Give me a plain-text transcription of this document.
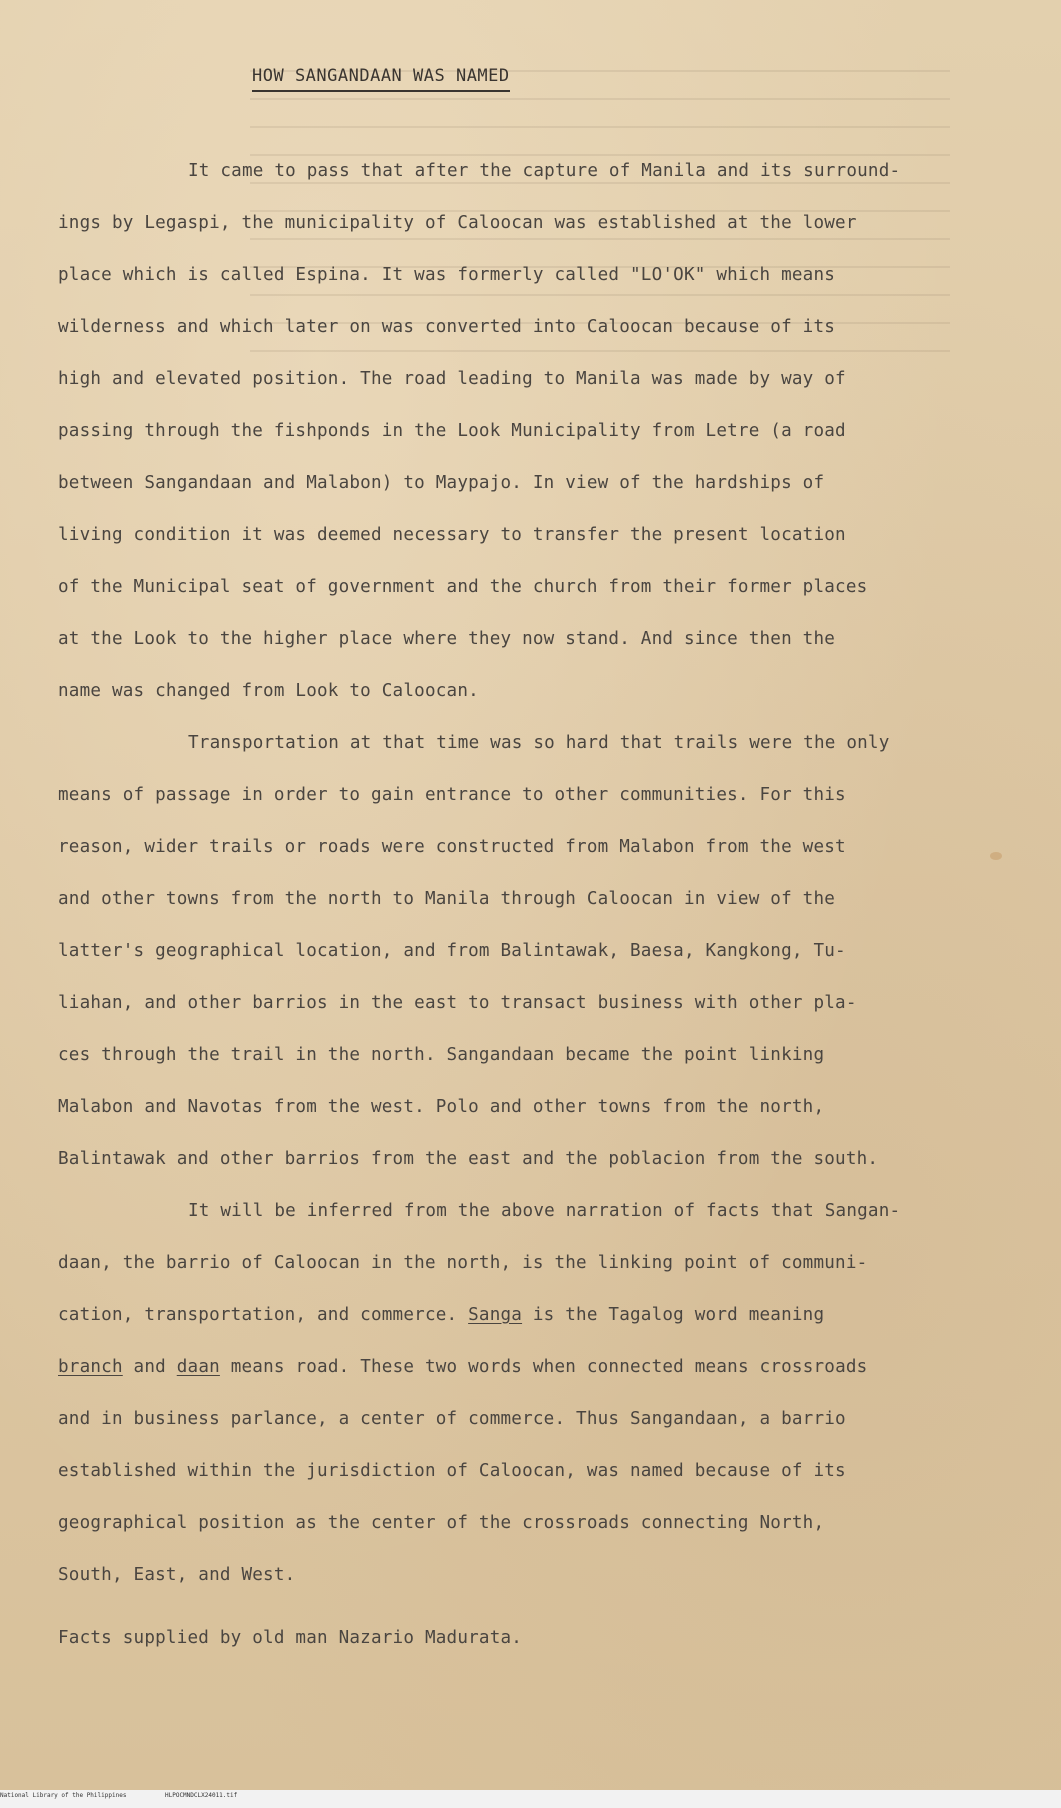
HOW SANGANDAAN WAS NAMED
It came to pass that after the capture of Manila and its surround-
ings by Legaspi, the municipality of Caloocan was established at the lower
place which is called Espina. It was formerly called "LO'OK" which means
wilderness and which later on was converted into Caloocan because of its
high and elevated position. The road leading to Manila was made by way of
passing through the fishponds in the Look Municipality from Letre (a road
between Sangandaan and Malabon) to Maypajo. In view of the hardships of
living condition it was deemed necessary to transfer the present location
of the Municipal seat of government and the church from their former places
at the Look to the higher place where they now stand. And since then the
name was changed from Look to Caloocan.
Transportation at that time was so hard that trails were the only
means of passage in order to gain entrance to other communities. For this
reason, wider trails or roads were constructed from Malabon from the west
and other towns from the north to Manila through Caloocan in view of the
latter's geographical location, and from Balintawak, Baesa, Kangkong, Tu-
liahan, and other barrios in the east to transact business with other pla-
ces through the trail in the north. Sangandaan became the point linking
Malabon and Navotas from the west. Polo and other towns from the north,
Balintawak and other barrios from the east and the poblacion from the south.
It will be inferred from the above narration of facts that Sangan-
daan, the barrio of Caloocan in the north, is the linking point of communi-
cation, transportation, and commerce. Sanga is the Tagalog word meaning
branch and daan means road. These two words when connected means crossroads
and in business parlance, a center of commerce. Thus Sangandaan, a barrio
established within the jurisdiction of Caloocan, was named because of its
geographical position as the center of the crossroads connecting North,
South, East, and West.
Facts supplied by old man Nazario Madurata.
National Library of the Philippines	HLPOCMNDCLX24011.tif
